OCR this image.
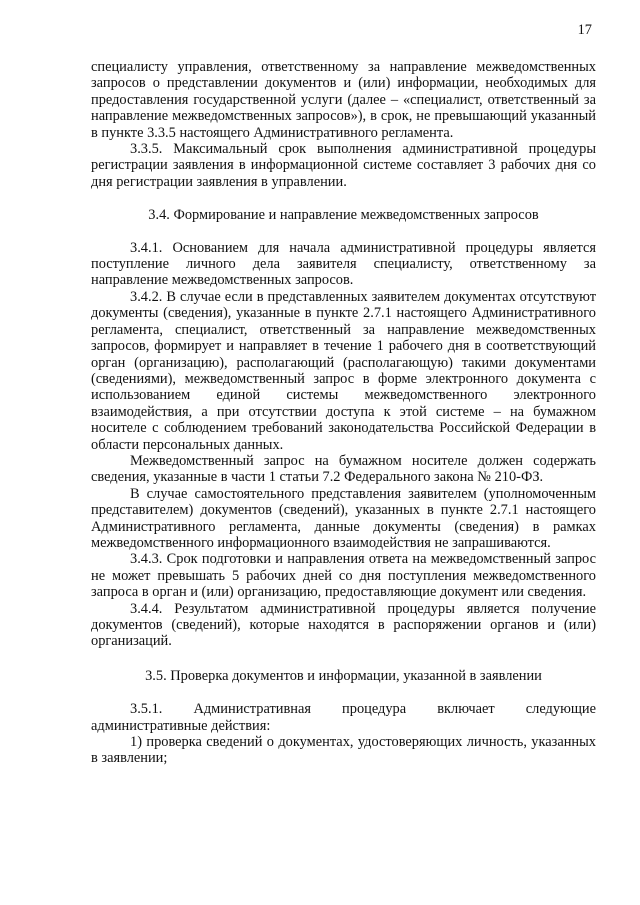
17

специалисту управления, ответственному за направление межведомственных запросов о представлении документов и (или) информации, необходимых для предоставления государственной услуги (далее – «специалист, ответственный за направление межведомственных запросов»), в срок, не превышающий указанный в пункте 3.3.5 настоящего Административного регламента.

3.3.5. Максимальный срок выполнения административной процедуры регистрации заявления в информационной системе составляет 3 рабочих дня со дня регистрации заявления в управлении.

3.4. Формирование и направление межведомственных запросов

3.4.1. Основанием для начала административной процедуры является поступление личного дела заявителя специалисту, ответственному за направление межведомственных запросов.

3.4.2. В случае если в представленных заявителем документах отсутствуют документы (сведения), указанные в пункте 2.7.1 настоящего Административного регламента, специалист, ответственный за направление межведомственных запросов, формирует и направляет в течение 1 рабочего дня в соответствующий орган (организацию), располагающий (располагающую) такими документами (сведениями), межведомственный запрос в форме электронного документа с использованием единой системы межведомственного электронного взаимодействия, а при отсутствии доступа к этой системе – на бумажном носителе с соблюдением требований законодательства Российской Федерации в области персональных данных.

Межведомственный запрос на бумажном носителе должен содержать сведения, указанные в части 1 статьи 7.2 Федерального закона № 210-ФЗ.

В случае самостоятельного представления заявителем (уполномоченным представителем) документов (сведений), указанных в пункте 2.7.1 настоящего Административного регламента, данные документы (сведения) в рамках межведомственного информационного взаимодействия не запрашиваются.

3.4.3. Срок подготовки и направления ответа на межведомственный запрос не может превышать 5 рабочих дней со дня поступления межведомственного запроса в орган и (или) организацию, предоставляющие документ или сведения.

3.4.4. Результатом административной процедуры является получение документов (сведений), которые находятся в распоряжении органов и (или) организаций.

3.5. Проверка документов и информации, указанной в заявлении

3.5.1. Административная процедура включает следующие административные действия:

1) проверка сведений о документах, удостоверяющих личность, указанных в заявлении;
